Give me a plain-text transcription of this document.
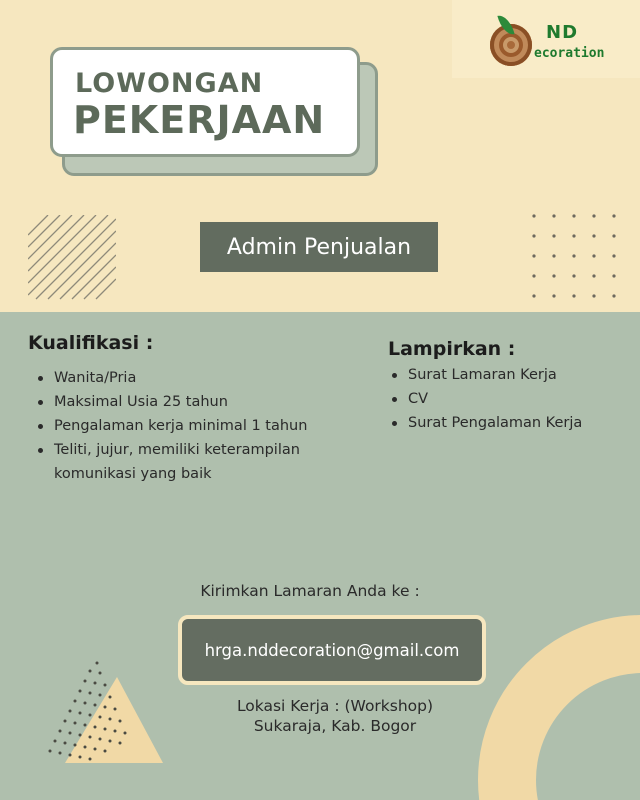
ND
ecoration
LOWONGAN
PEKERJAAN
Admin Penjualan
Kualifikasi :
Wanita/Pria
Maksimal Usia 25 tahun
Pengalaman kerja minimal 1 tahun
Teliti, jujur, memiliki keterampilan komunikasi yang baik
Lampirkan :
Surat Lamaran Kerja
CV
Surat Pengalaman Kerja
Kirimkan Lamaran Anda ke :
hrga.nddecoration@gmail.com
Lokasi Kerja : (Workshop)
Sukaraja, Kab. Bogor
